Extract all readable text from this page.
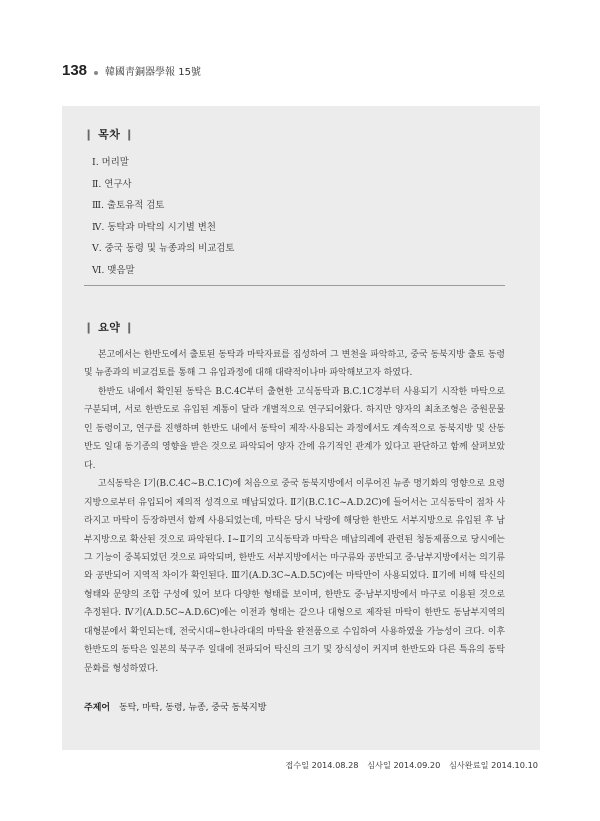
138 韓國靑銅器學報 15號
❙ 목차 ❙
Ⅰ. 머리말
Ⅱ. 연구사
Ⅲ. 출토유적 검토
Ⅳ. 동탁과 마탁의 시기별 변천
Ⅴ. 중국 동령 및 뉴종과의 비교검토
Ⅵ. 맺음말
❙ 요약 ❙

본고에서는 한반도에서 출토된 동탁과 마탁자료를 집성하여 그 변천을 파악하고, 중국 동북지방 출토 동령 및 뉴종과의 비교검토를 통해 그 유입과정에 대해 대략적이나마 파악해보고자 하였다.

한반도 내에서 확인된 동탁은 B.C.4C부터 출현한 고식동탁과 B.C.1C경부터 사용되기 시작한 마탁으로 구분되며, 서로 한반도로 유입된 계통이 달라 개별적으로 연구되어왔다. 하지만 양자의 최초조형은 중원문물인 동령이고, 연구를 진행하며 한반도 내에서 동탁이 제작·사용되는 과정에서도 계속적으로 동북지방 및 산동반도 일대 동기종의 영향을 받은 것으로 파악되어 양자 간에 유기적인 관계가 있다고 판단하고 함께 살펴보았다.

고식동탁은 Ⅰ기(B.C.4C~B.C.1C)에 처음으로 중국 동북지방에서 이루어진 뉴종 명기화의 영향으로 요령지방으로부터 유입되어 제의적 성격으로 매납되었다. Ⅱ기(B.C.1C~A.D.2C)에 들어서는 고식동탁이 점차 사라지고 마탁이 등장하면서 함께 사용되었는데, 마탁은 당시 낙랑에 해당한 한반도 서부지방으로 유입된 후 남부지방으로 확산된 것으로 파악된다. Ⅰ~Ⅱ기의 고식동탁과 마탁은 매납의례에 관련된 청동제품으로 당시에는 그 기능이 중복되었던 것으로 파악되며, 한반도 서부지방에서는 마구류와 공반되고 중·남부지방에서는 의기류와 공반되어 지역적 차이가 확인된다. Ⅲ기(A.D.3C~A.D.5C)에는 마탁만이 사용되었다. Ⅱ기에 비해 탁신의 형태와 문양의 조합 구성에 있어 보다 다양한 형태를 보이며, 한반도 중·남부지방에서 마구로 이용된 것으로 추정된다. Ⅳ기(A.D.5C~A.D.6C)에는 이전과 형태는 같으나 대형으로 제작된 마탁이 한반도 동남부지역의 대형분에서 확인되는데, 전국시대~한나라대의 마탁을 완전품으로 수입하여 사용하였을 가능성이 크다. 이후 한반도의 동탁은 일본의 북구주 일대에 전파되어 탁신의 크기 및 장식성이 커지며 한반도와 다른 특유의 동탁문화를 형성하였다.

주제어 동탁, 마탁, 동령, 뉴종, 중국 동북지방
접수일 2014.08.28 심사일 2014.09.20 심사완료일 2014.10.10
